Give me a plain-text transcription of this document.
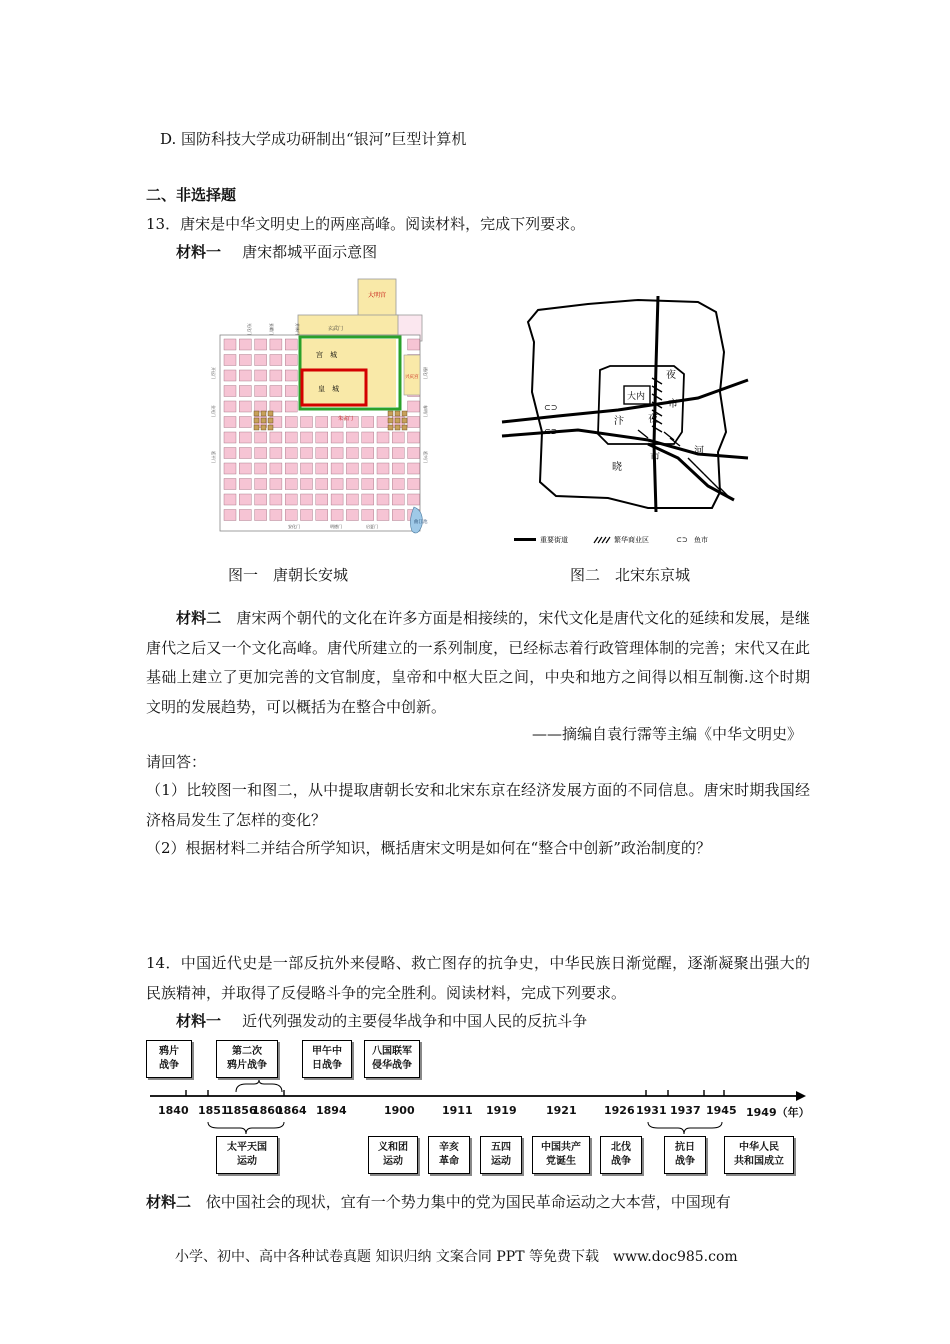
D. 国防科技大学成功研制出“银河”巨型计算机
二、非选择题
13．唐宋是中华文明史上的两座高峰。阅读材料，完成下列要求。
材料一 唐宋都城平面示意图
大明宫
玄武门
宫　城
皇　城
兴庆宫
朱雀门
曲江池
光化门	景曜门	芳林门
开远门
金光门
延平门
通化门
春明门
延兴门
安化门	明德门	启夏门
大内
夜
市
夜
汴
市
晓
河
⊂⊃
⊂⊃
重要街道	繁华商业区	⊂⊃ 鱼市
图一　唐朝长安城	图二　北宋东京城
材料二　 唐宋两个朝代的文化在许多方面是相接续的，宋代文化是唐代文化的延续和发展，是继唐代之后又一个文化高峰。唐代所建立的一系列制度，已经标志着行政管理体制的完善；宋代又在此基础上建立了更加完善的文官制度，皇帝和中枢大臣之间，中央和地方之间得以相互制衡.这个时期文明的发展趋势，可以概括为在整合中创新。
——摘编自袁行霈等主编《中华文明史》
请回答：
（1）比较图一和图二，从中提取唐朝长安和北宋东京在经济发展方面的不同信息。唐宋时期我国经济格局发生了怎样的变化？
（2）根据材料二并结合所学知识，概括唐宋文明是如何在“整合中创新”政治制度的？
14．中国近代史是一部反抗外来侵略、救亡图存的抗争史，中华民族日渐觉醒，逐渐凝聚出强大的民族精神，并取得了反侵略斗争的完全胜利。阅读材料，完成下列要求。
材料一 近代列强发动的主要侵华战争和中国人民的反抗斗争
鸦片
战争
第二次
鸦片战争
甲午中
日战争
八国联军
侵华战争
1840 1851
1856
1860
1864 1894	1900 1911 1919	1921 1926 1931 1937 1945 1949（年）
太平天国
运动
义和团
运动
辛亥
革命
五四
运动
中国共产
党诞生
北伐
战争
抗日
战争
中华人民
共和国成立
材料二 依中国社会的现状，宜有一个势力集中的党为国民革命运动之大本营，中国现有
小学、初中、高中各种试卷真题 知识归纳 文案合同 PPT 等免费下载　www.doc985.com
